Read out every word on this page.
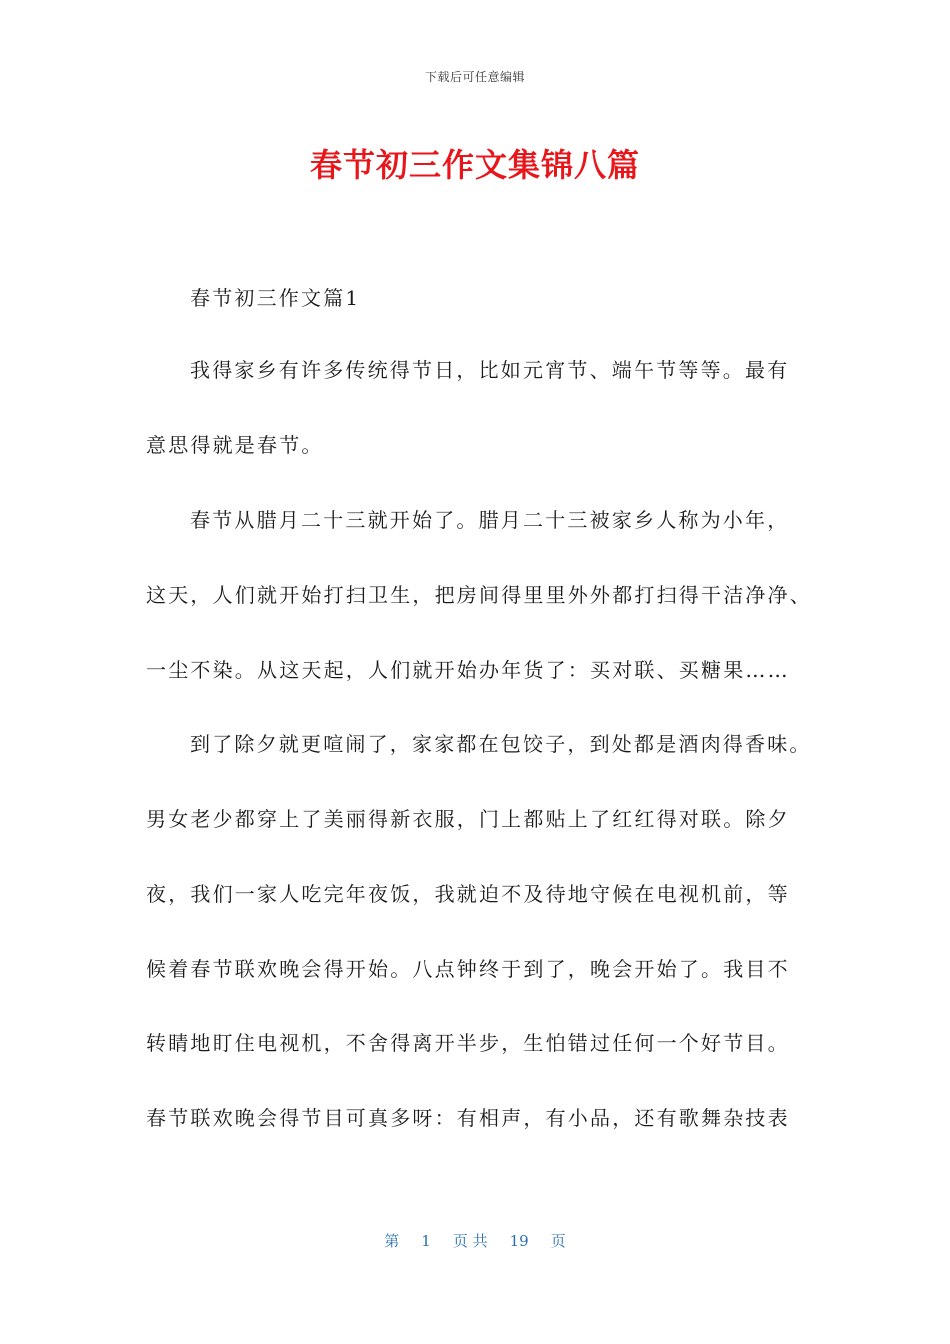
下载后可任意编辑
春节初三作文集锦八篇

春节初三作文篇1

我得家乡有许多传统得节日，比如元宵节、端午节等等。最有

意思得就是春节。

春节从腊月二十三就开始了。腊月二十三被家乡人称为小年，

这天，人们就开始打扫卫生，把房间得里里外外都打扫得干洁净净、

一尘不染。从这天起，人们就开始办年货了：买对联、买糖果……

到了除夕就更喧闹了，家家都在包饺子，到处都是酒肉得香味。

男女老少都穿上了美丽得新衣服，门上都贴上了红红得对联。除夕

夜，我们一家人吃完年夜饭，我就迫不及待地守候在电视机前，等

候着春节联欢晚会得开始。八点钟终于到了，晚会开始了。我目不

转睛地盯住电视机，不舍得离开半步，生怕错过任何一个好节目。

春节联欢晚会得节目可真多呀：有相声，有小品，还有歌舞杂技表

第 1 页 共 19 页
